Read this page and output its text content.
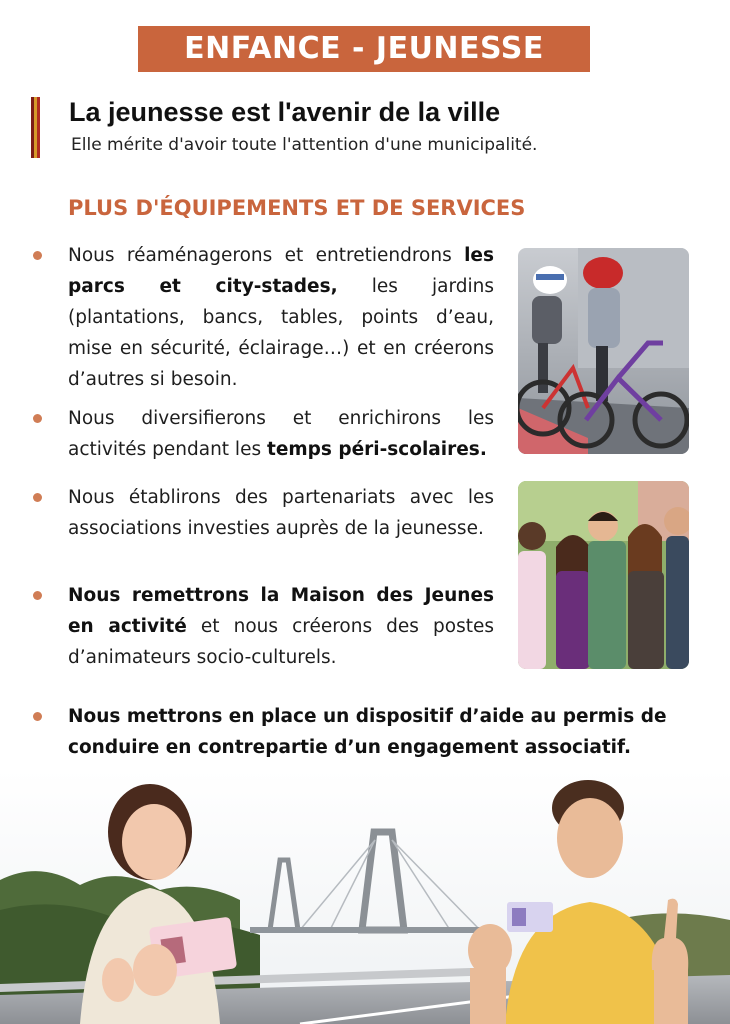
ENFANCE - JEUNESSE
La jeunesse est l'avenir de la ville
Elle mérite d'avoir toute l'attention d'une municipalité.
PLUS D'ÉQUIPEMENTS ET DE SERVICES
Nous réaménagerons et entretiendrons les parcs et city-stades, les jardins (plantations, bancs, tables, points d’eau, mise en sécurité, éclairage…) et en créerons d’autres si besoin.
Nous diversifierons et enrichirons les activités pendant les temps péri-scolaires.
Nous établirons des partenariats avec les associations investies auprès de la jeunesse.
Nous remettrons la Maison des Jeunes en activité et nous créerons des postes d’animateurs socio-culturels.
Nous mettrons en place un dispositif d’aide au permis de conduire en contrepartie d’un engagement associatif.
